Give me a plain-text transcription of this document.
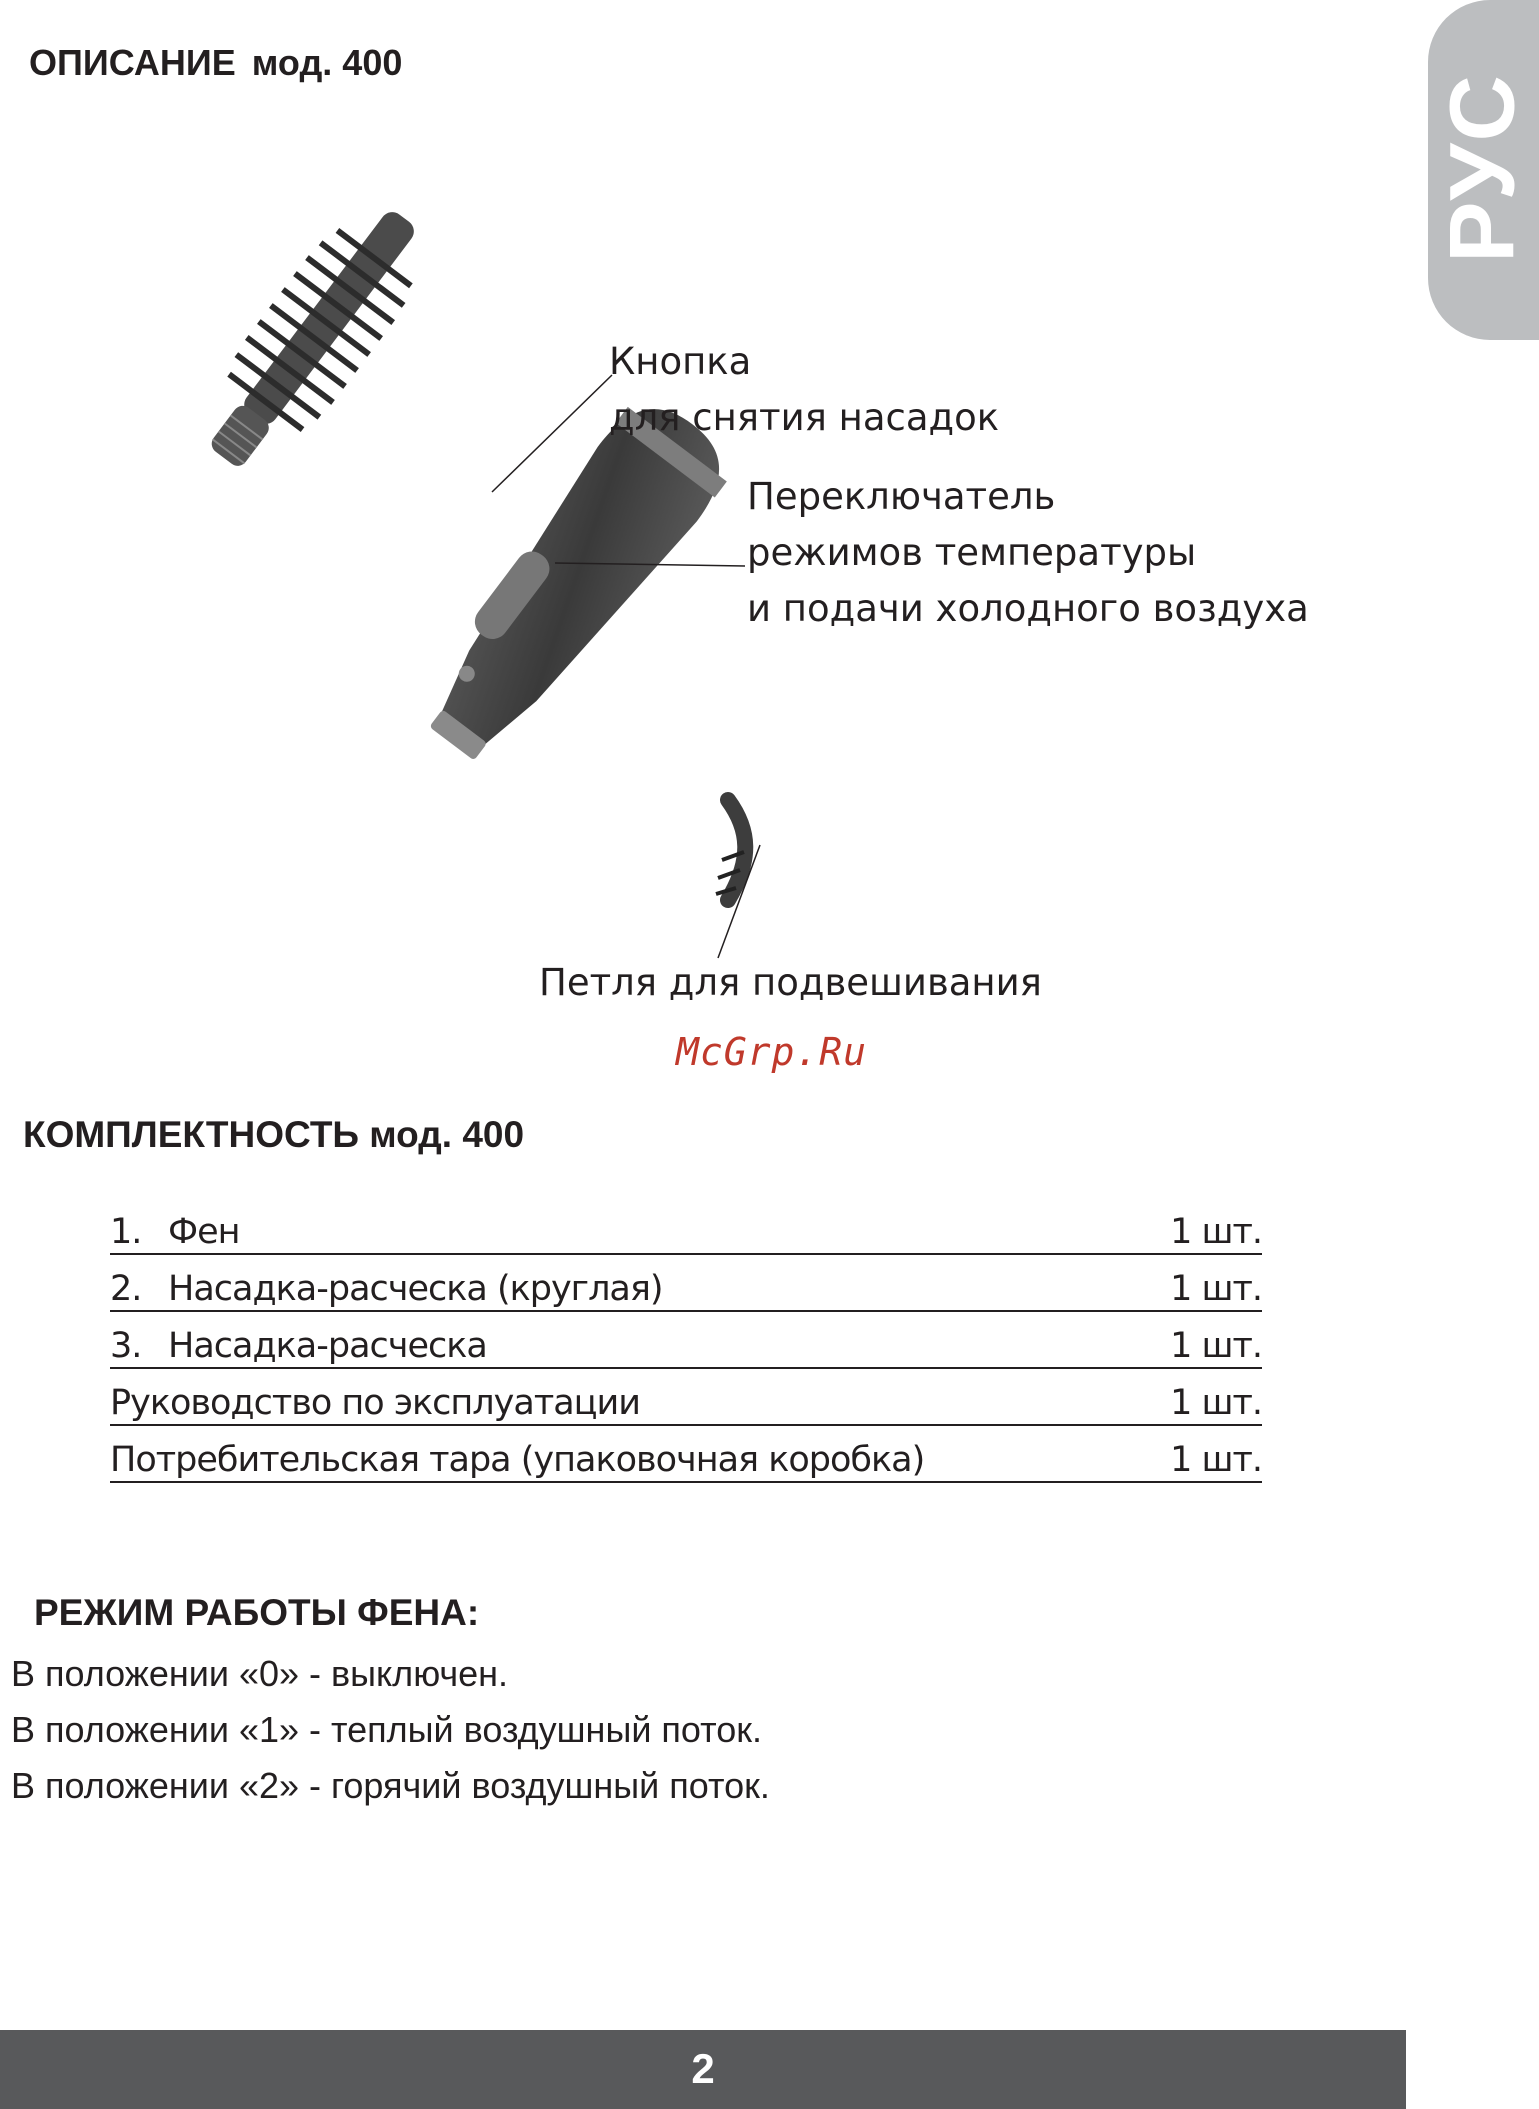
РУС
ОПИСАНИЕ мод. 400
Кнопка
для снятия насадок
Переключатель
режимов температуры
и подачи холодного воздуха
Петля для подвешивания
McGrp.Ru
КОМПЛЕКТНОСТЬ мод. 400
1. Фен	1 шт.
2. Насадка-расческа (круглая)	1 шт.
3. Насадка-расческа	1 шт.
Руководство по эксплуатации	1 шт.
Потребительская тара (упаковочная коробка)	1 шт.
РЕЖИМ РАБОТЫ ФЕНА:
В положении «0» - выключен.
В положении «1» - теплый воздушный поток.
В положении «2» - горячий воздушный поток.
2
